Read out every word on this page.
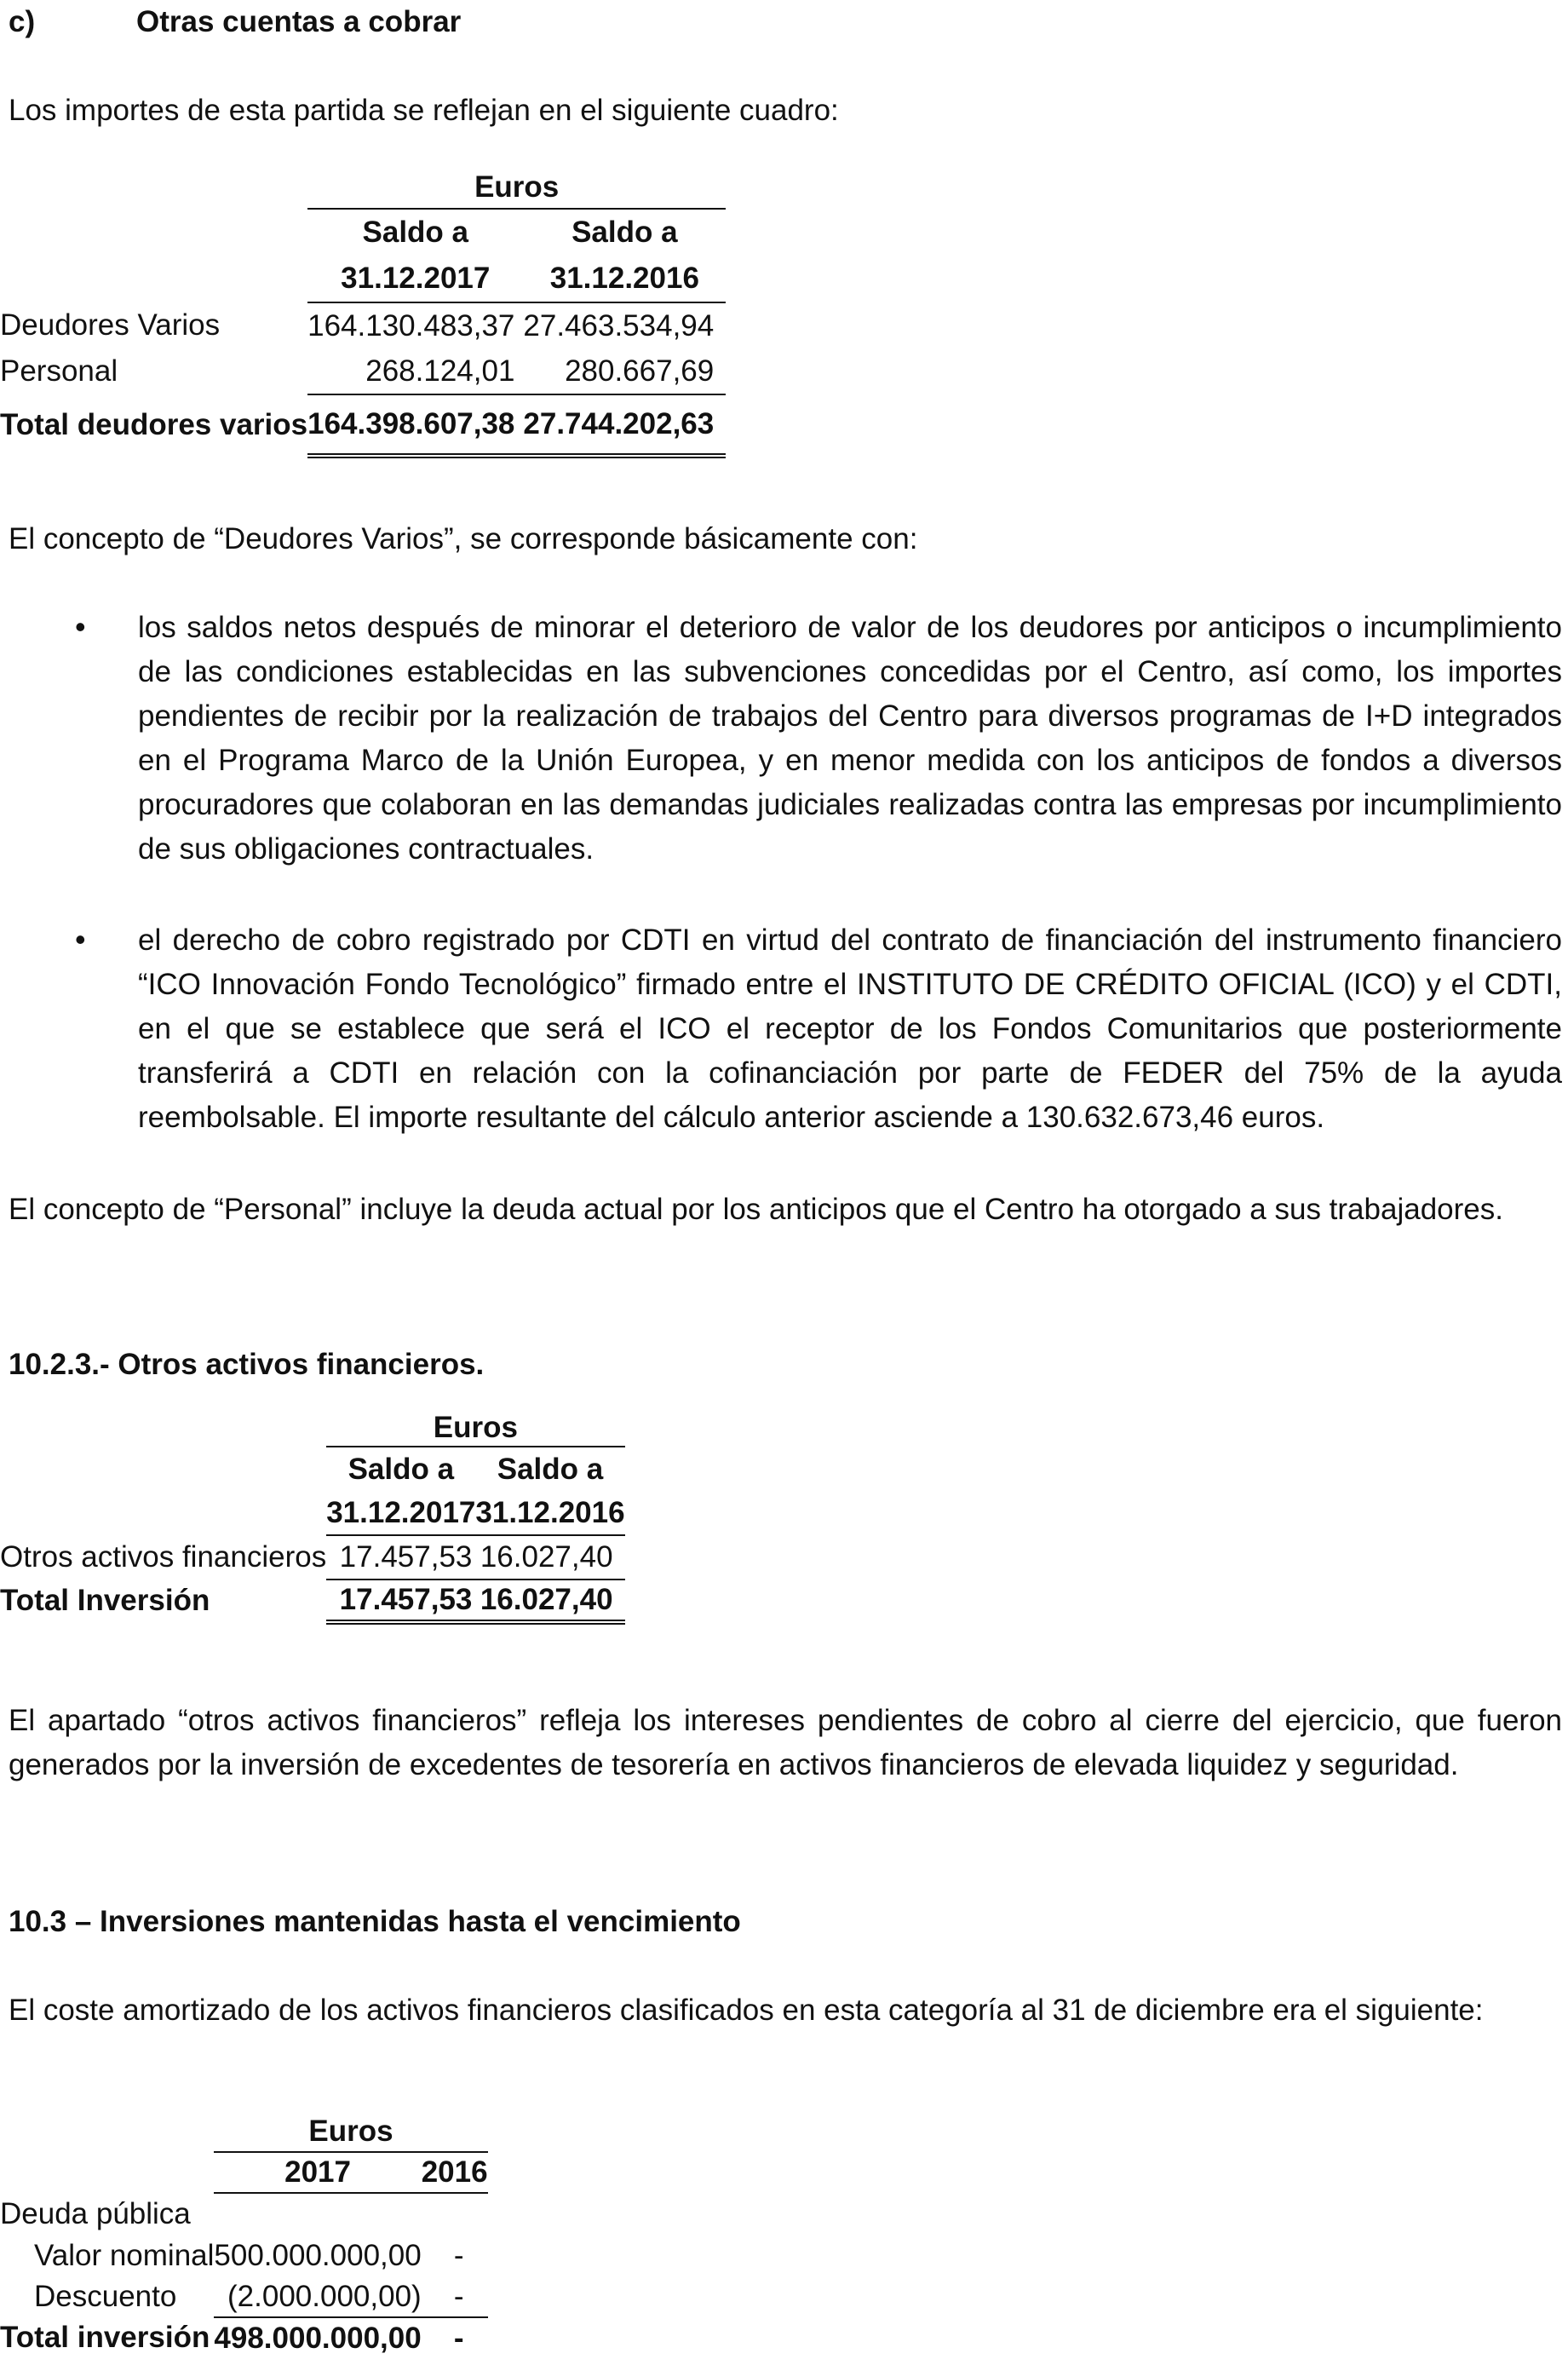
c)	Otras cuentas a cobrar
Los importes de esta partida se reflejan en el siguiente cuadro:
		Euros	
		Saldo a	Saldo a
		31.12.2017	31.12.2016
	Deudores Varios	164.130.483,37	27.463.534,94
	Personal	268.124,01	280.667,69
	Total deudores varios	164.398.607,38	27.744.202,63
El concepto de “Deudores Varios”, se corresponde básicamente con:
• los saldos netos después de minorar el deterioro de valor de los deudores por anticipos o incumplimiento de las condiciones establecidas en las subvenciones concedidas por el Centro, así como, los importes pendientes de recibir por la realización de trabajos del Centro para diversos programas de I+D integrados en el Programa Marco de la Unión Europea, y en menor medida con los anticipos de fondos a diversos procuradores que colaboran en las demandas judiciales realizadas contra las empresas por incumplimiento de sus obligaciones contractuales.
• el derecho de cobro registrado por CDTI en virtud del contrato de financiación del instrumento financiero “ICO Innovación Fondo Tecnológico” firmado entre el INSTITUTO DE CRÉDITO OFICIAL (ICO) y el CDTI, en el que se establece que será el ICO el receptor de los Fondos Comunitarios que posteriormente transferirá a CDTI en relación con la cofinanciación por parte de FEDER del 75% de la ayuda reembolsable. El importe resultante del cálculo anterior asciende a 130.632.673,46 euros.
El concepto de “Personal” incluye la deuda actual por los anticipos que el Centro ha otorgado a sus trabajadores.
10.2.3.- Otros activos financieros.
		Euros	
		Saldo a	Saldo a
		31.12.2017	31.12.2016
	Otros activos financieros	17.457,53	16.027,40
	Total Inversión	17.457,53	16.027,40
El apartado “otros activos financieros” refleja los intereses pendientes de cobro al cierre del ejercicio, que fueron generados por la inversión de excedentes de tesorería en activos financieros de elevada liquidez y seguridad.
10.3 – Inversiones mantenidas hasta el vencimiento
El coste amortizado de los activos financieros clasificados en esta categoría al 31 de diciembre era el siguiente:
		Euros	
		2017	2016
	Deuda pública		
	Valor nominal	500.000.000,00	-
	Descuento	(2.000.000,00)	-
	Total inversión	498.000.000,00	-
